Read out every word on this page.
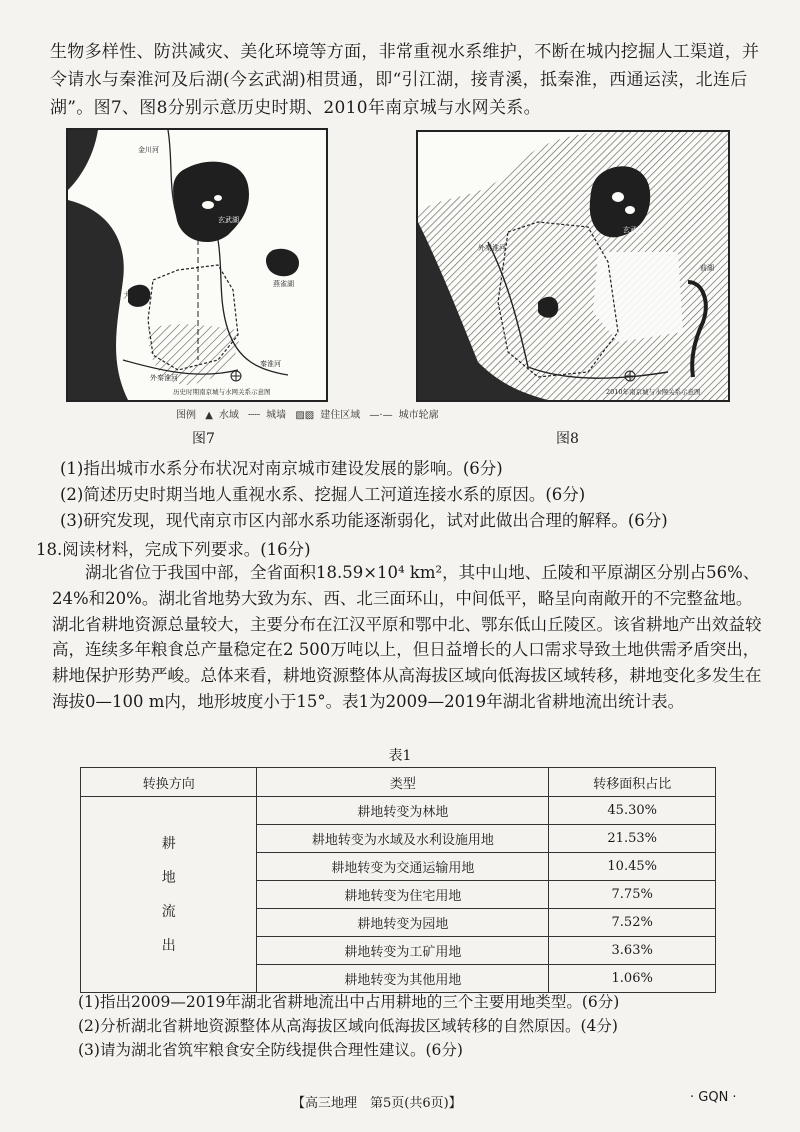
生物多样性、防洪减灾、美化环境等方面，非常重视水系维护，不断在城内挖掘人工渠道，并

令请水与秦淮河及后湖(今玄武湖)相贯通，即“引江湖，接青溪，抵秦淮，西通运渎，北连后

湖”。图7、图8分别示意历史时期、2010年南京城与水网关系。

金川河
玄武湖
大江
燕雀湖
秦淮河
外秦淮河
历史时期南京城与水网关系示意图
玄武湖
外秦淮河
前湖
2010年南京城与水网关系示意图
图例 ▲ 水域 ┄┄ 城墙 ▨▨ 建住区域 —·— 城市轮廓
图7	图8

(1)指出城市水系分布状况对南京城市建设发展的影响。(6分)

(2)简述历史时期当地人重视水系、挖掘人工河道连接水系的原因。(6分)

(3)研究发现，现代南京市区内部水系功能逐渐弱化，试对此做出合理的解释。(6分)

18.阅读材料，完成下列要求。(16分)

湖北省位于我国中部，全省面积18.59×10⁴ km²，其中山地、丘陵和平原湖区分别占56%、24%和20%。湖北省地势大致为东、西、北三面环山，中间低平，略呈向南敞开的不完整盆地。湖北省耕地资源总量较大，主要分布在江汉平原和鄂中北、鄂东低山丘陵区。该省耕地产出效益较高，连续多年粮食总产量稳定在2 500万吨以上，但日益增长的人口需求导致土地供需矛盾突出，耕地保护形势严峻。总体来看，耕地资源整体从高海拔区域向低海拔区域转移，耕地变化多发生在海拔0—100 m内，地形坡度小于15°。表1为2009—2019年湖北省耕地流出统计表。

表1
转换方向	类型	转移面积占比

耕
地
流
出	耕地转变为林地	45.30%
	耕地转变为水域及水利设施用地	21.53%
	耕地转变为交通运输用地	10.45%
	耕地转变为住宅用地	7.75%
	耕地转变为园地	7.52%
	耕地转变为工矿用地	3.63%
	耕地转变为其他用地	1.06%

(1)指出2009—2019年湖北省耕地流出中占用耕地的三个主要用地类型。(6分)

(2)分析湖北省耕地资源整体从高海拔区域向低海拔区域转移的自然原因。(4分)

(3)请为湖北省筑牢粮食安全防线提供合理性建议。(6分)

【高三地理　第5页(共6页)】	· GQN ·
